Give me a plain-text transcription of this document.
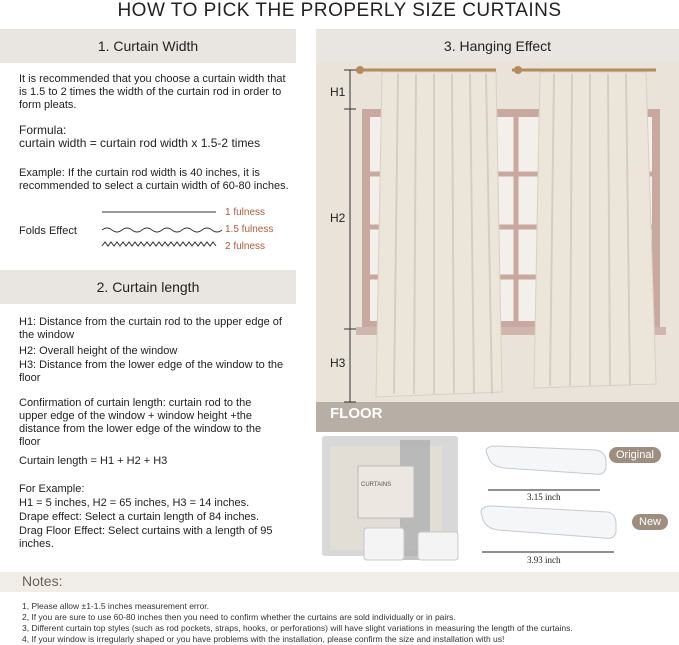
HOW TO PICK THE PROPERLY SIZE CURTAINS
1. Curtain Width
It is recommended that you choose a curtain width that is 1.5 to 2 times the width of the curtain rod in order to form pleats.
Formula:
curtain width = curtain rod width x 1.5-2 times
Example: If the curtain rod width is 40 inches, it is recommended to select a curtain width of 60-80 inches.
Folds Effect
1 fulness
1.5 fulness
2 fulness
2. Curtain length
H1: Distance from the curtain rod to the upper edge of the window
H2: Overall height of the window
H3: Distance from the lower edge of the window to the floor
Confirmation of curtain length: curtain rod to the upper edge of the window + window height +the distance from the lower edge of the window to the floor
Curtain length = H1 + H2 + H3
For Example:
H1 = 5 inches, H2 = 65 inches, H3 = 14 inches.
Drape effect: Select a curtain length of 84 inches.
Drag Floor Effect: Select curtains with a length of 95 inches.
3. Hanging Effect
H1
H2
H3
FLOOR
CURTAINS
Original
New
3.15 inch
3.93 inch
Notes:
1, Please allow ±1-1.5 inches measurement error.
2, If you are sure to use 60-80 inches then you need to confirm whether the curtains are sold individually or in pairs.
3, Different curtain top styles (such as rod pockets, straps, hooks, or perforations) will have slight variations in measuring the length of the curtains.
4, If your window is irregularly shaped or you have problems with the installation, please confirm the size and installation with us!
